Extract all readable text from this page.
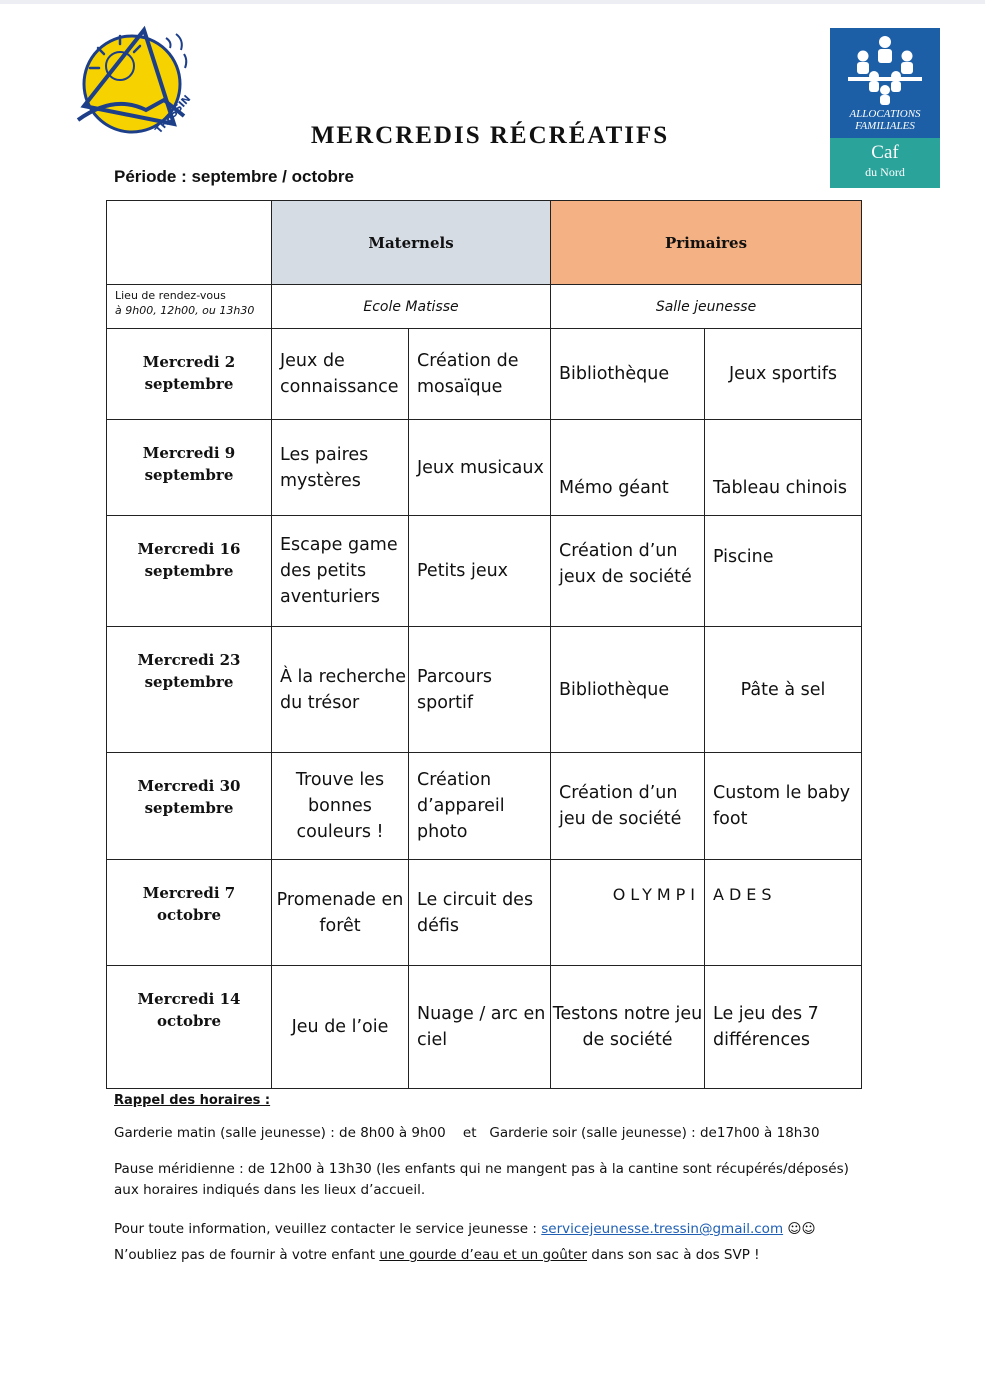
TRESSIN	ALLOCATIONS
FAMILIALES
Caf
du Nord
MERCREDIS RÉCRÉATIFS
Période : septembre / octobre
	Maternels		Primaires	
Lieu de rendez-vous
à 9h00, 12h00, ou 13h30	Ecole Matisse		Salle jeunesse	
Mercredi 2
septembre	Jeux de connaissance	Création de mosaïque	Bibliothèque	Jeux sportifs
Mercredi 9
septembre	Les paires mystères	Jeux musicaux	Mémo géant	Tableau chinois
Mercredi 16
septembre	Escape game des petits aventuriers	Petits jeux	Création d’un jeux de société	Piscine
Mercredi 23
septembre	À la recherche du trésor	Parcours sportif	Bibliothèque	Pâte à sel
Mercredi 30
septembre	Trouve les bonnes couleurs !	Création d’appareil photo	Création d’un jeu de société	Custom le baby foot
Mercredi 7
octobre	Promenade en forêt	Le circuit des défis	OLYMPI	ADES
Mercredi 14
octobre	Jeu de l’oie	Nuage / arc en ciel	Testons notre jeu de société	Le jeu des 7 différences
Rappel des horaires :
Garderie matin (salle jeunesse) : de 8h00 à 9h00    et   Garderie soir (salle jeunesse) : de17h00 à 18h30
Pause méridienne : de 12h00 à 13h30 (les enfants qui ne mangent pas à la cantine sont récupérés/déposés) aux horaires indiqués dans les lieux d’accueil.
Pour toute information, veuillez contacter le service jeunesse : servicejeunesse.tressin@gmail.com ☺☺
N’oubliez pas de fournir à votre enfant une gourde d’eau et un goûter dans son sac à dos SVP !
